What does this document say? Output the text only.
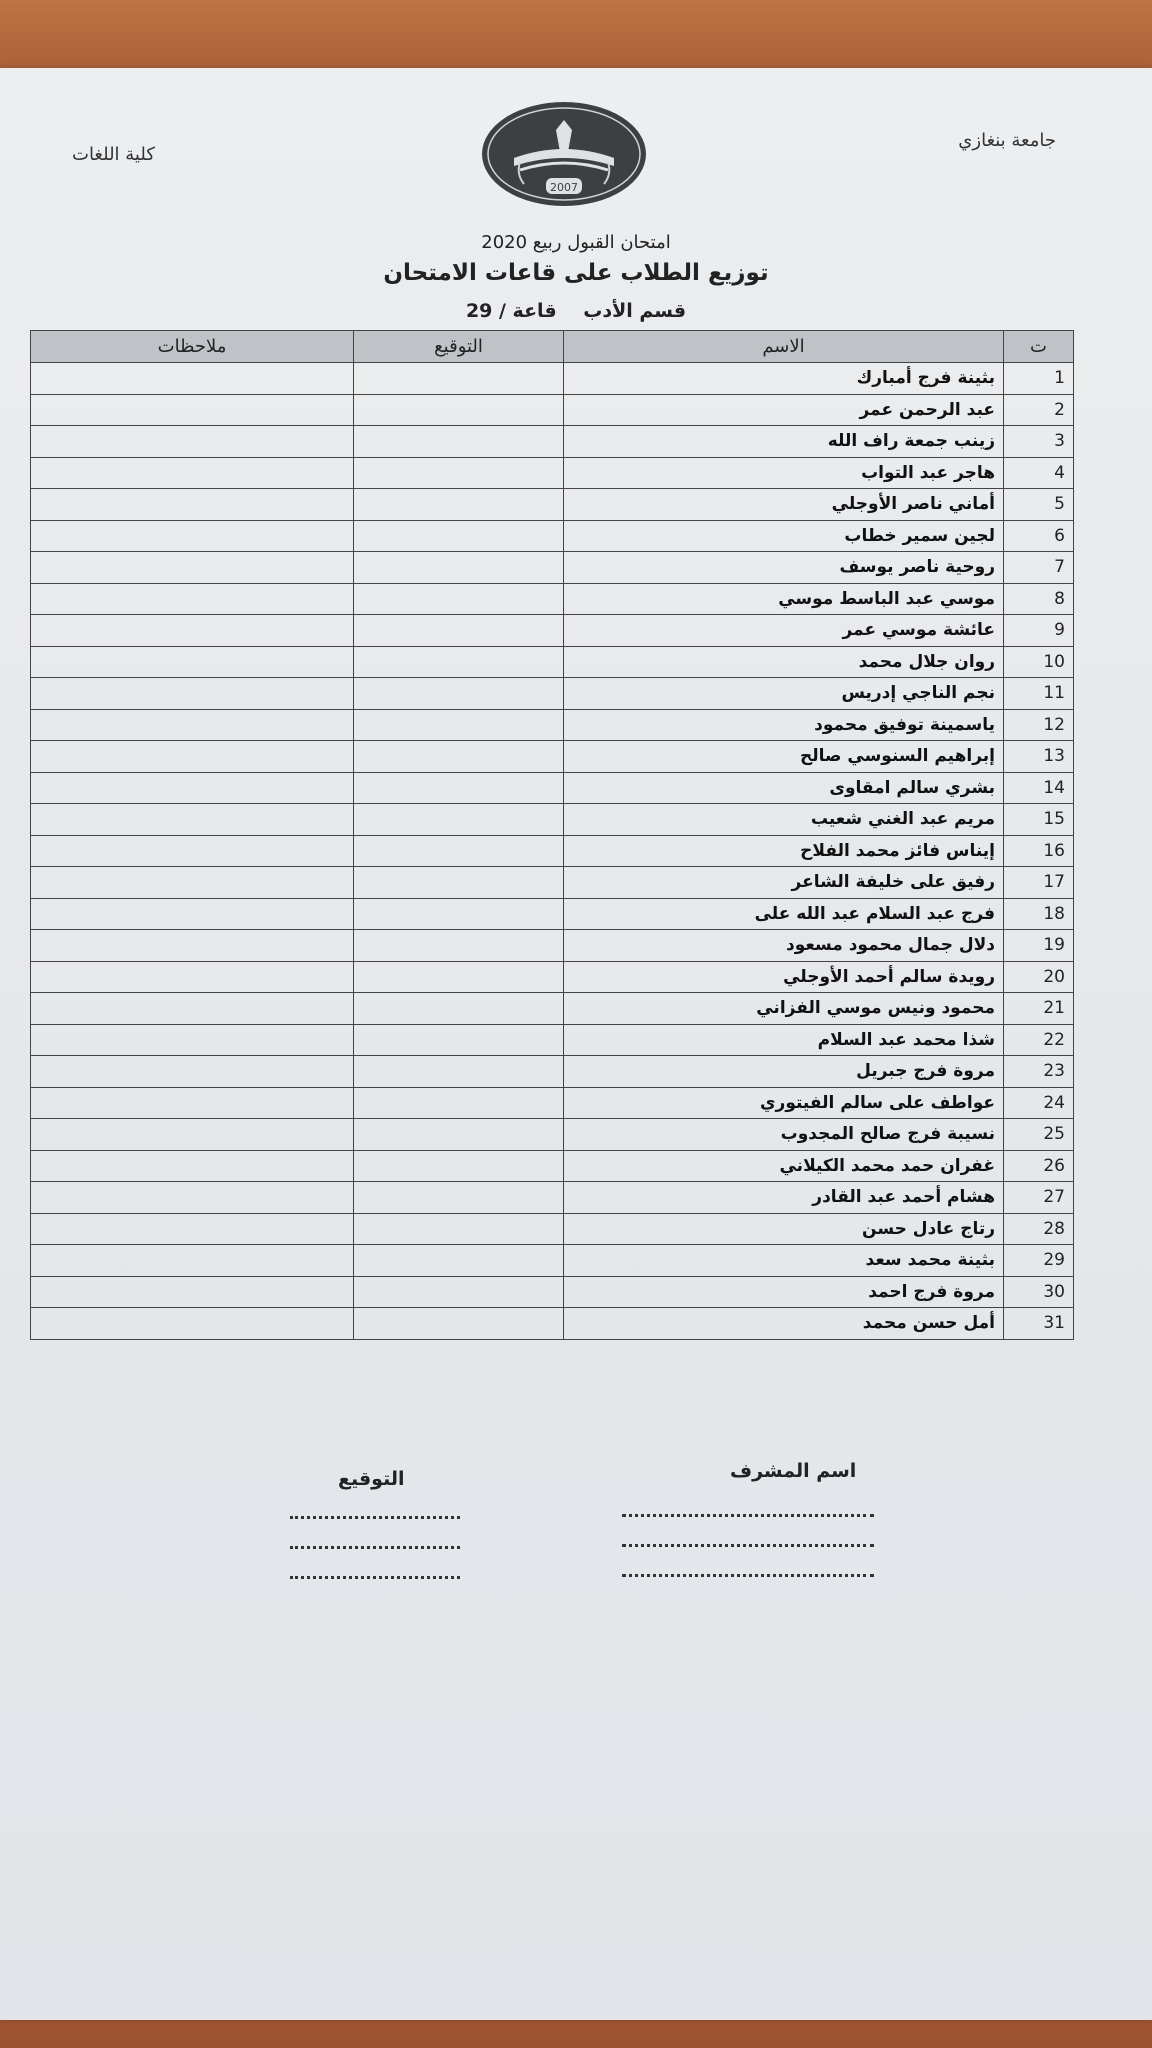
جامعة بنغازي
كلية اللغات
2007
امتحان القبول ربيع 2020
توزيع الطلاب على قاعات الامتحان
قسم الأدب قاعة / 29
ت	الاسم	التوقيع	ملاحظات
1	بثينة فرج أمبارك		
2	عبد الرحمن عمر		
3	زينب جمعة راف الله		
4	هاجر عبد التواب		
5	أماني ناصر الأوجلي		
6	لجين سمير خطاب		
7	روحية ناصر يوسف		
8	موسي عبد الباسط موسي		
9	عائشة موسي عمر		
10	روان جلال محمد		
11	نجم الناجي إدريس		
12	ياسمينة توفيق محمود		
13	إبراهيم السنوسي صالح		
14	بشري سالم امقاوى		
15	مريم عبد الغني شعيب		
16	إيناس فائز محمد الفلاح		
17	رفيق على خليفة الشاعر		
18	فرج عبد السلام عبد الله على		
19	دلال جمال محمود مسعود		
20	رويدة سالم أحمد الأوجلي		
21	محمود ونيس موسي الفزاني		
22	شذا محمد عبد السلام		
23	مروة فرج جبريل		
24	عواطف على سالم الفيتوري		
25	نسيبة فرج صالح المجدوب		
26	غفران حمد محمد الكيلاني		
27	هشام أحمد عبد القادر		
28	رتاج عادل حسن		
29	بثينة محمد سعد		
30	مروة فرج احمد		
31	أمل حسن محمد		
اسم المشرف
التوقيع
